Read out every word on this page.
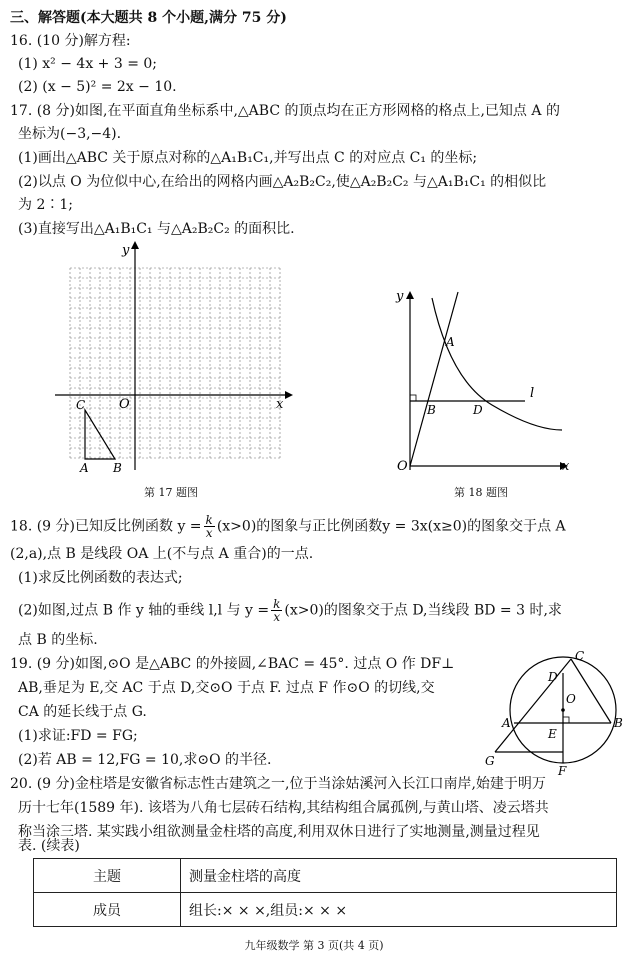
三、解答题(本大题共 8 个小题,满分 75 分)
16. (10 分)解方程:
(1) x² − 4x + 3 = 0;
(2) (x − 5)² = 2x − 10.
17. (8 分)如图,在平面直角坐标系中,△ABC 的顶点均在正方形网格的格点上,已知点 A 的
坐标为(−3,−4).
(1)画出△ABC 关于原点对称的△A₁B₁C₁,并写出点 C 的对应点 C₁ 的坐标;
(2)以点 O 为位似中心,在给出的网格内画△A₂B₂C₂,使△A₂B₂C₂ 与△A₁B₁C₁ 的相似比
为 2∶1;
(3)直接写出△A₁B₁C₁ 与△A₂B₂C₂ 的面积比.
x
y
O
C
A B
第 17 题图
y
x
O
A
B	D
l
第 18 题图
18. (9 分)已知反比例函数 $y = \frac{k}{x} (x>0)$的图象与正比例函数y = 3x(x≥0)的图象交于点 A
(2,a),点 B 是线段 OA 上(不与点 A 重合)的一点.
(1)求反比例函数的表达式;
(2)如图,过点 B 作 y 轴的垂线 l,l 与 $y = \frac{k}{x} (x>0)$的图象交于点 D,当线段 BD = 3 时,求
点 B 的坐标.
19. (9 分)如图,⊙O 是△ABC 的外接圆,∠BAC = 45°. 过点 O 作 DF⊥
AB,垂足为 E,交 AC 于点 D,交⊙O 于点 F. 过点 F 作⊙O 的切线,交
CA 的延长线于点 G.
(1)求证:FD = FG;
(2)若 AB = 12,FG = 10,求⊙O 的半径.
C
D
O
A	B
E
F
G
20. (9 分)金柱塔是安徽省标志性古建筑之一,位于当涂姑溪河入长江口南岸,始建于明万
历十七年(1589 年). 该塔为八角七层砖石结构,其结构组合属孤例,与黄山塔、凌云塔共
称当涂三塔. 某实践小组欲测量金柱塔的高度,利用双休日进行了实地测量,测量过程见
表. (续表)
主题	测量金柱塔的高度
成员	组长:× × ×,组员:× × ×
九年级数学 第 3 页(共 4 页)
